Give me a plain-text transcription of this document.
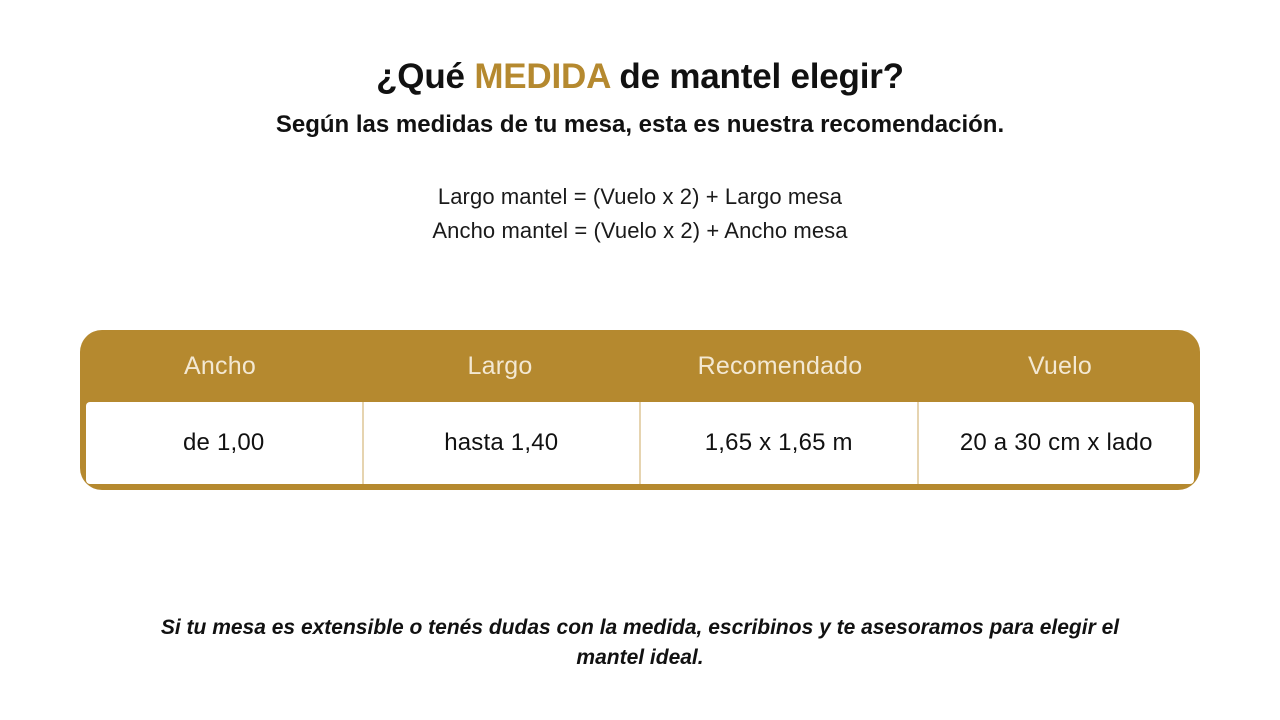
¿Qué MEDIDA de mantel elegir?

Según las medidas de tu mesa, esta es nuestra recomendación.

Largo mantel = (Vuelo x 2) + Largo mesa
Ancho mantel = (Vuelo x 2) + Ancho mesa
Ancho	Largo	Recomendado	Vuelo
de 1,00	hasta 1,40	1,65 x 1,65 m	20 a 30 cm x lado

Si tu mesa es extensible o tenés dudas con la medida, escribinos y te asesoramos para elegir el mantel ideal.
